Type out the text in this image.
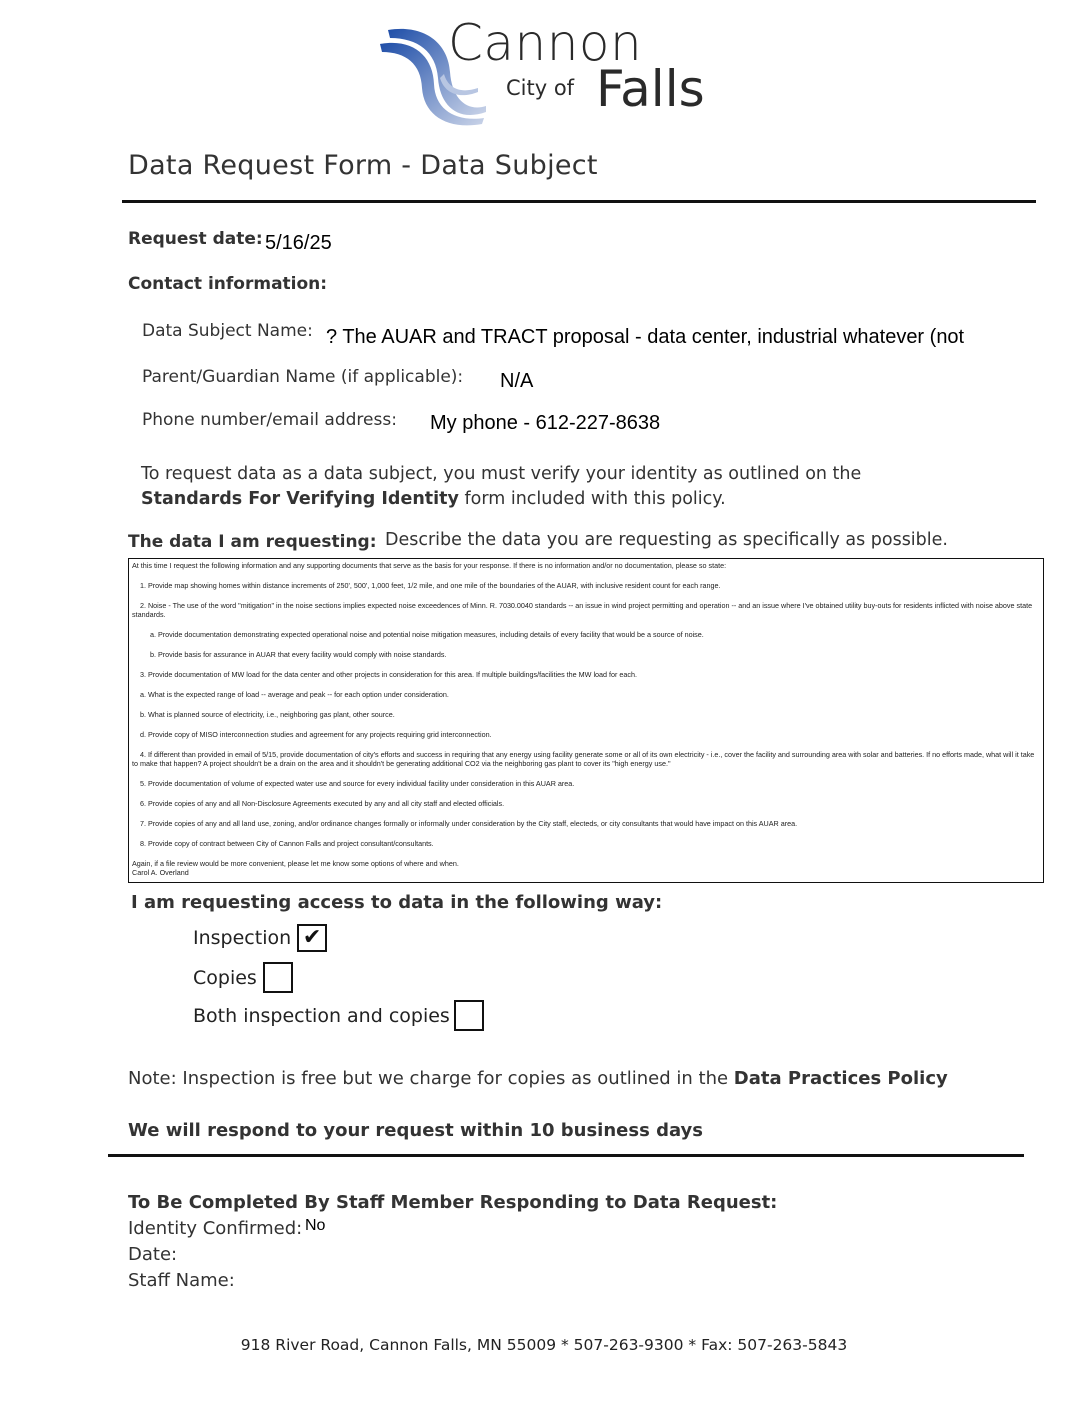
Cannon
City of Falls
Data Request Form - Data Subject
Request date: 5/16/25
Contact information:
Data Subject Name: ? The AUAR and TRACT proposal - data center, industrial whatever (not
Parent/Guardian Name (if applicable): N/A
Phone number/email address: My phone - 612-227-8638
To request data as a data subject, you must verify your identity as outlined on the
Standards For Verifying Identity form included with this policy.
The data I am requesting: Describe the data you are requesting as specifically as possible.

At this time I request the following information and any supporting documents that serve as the basis for your response. If there is no information and/or no documentation, please so state:

1. Provide map showing homes within distance increments of 250', 500', 1,000 feet, 1/2 mile, and one mile of the boundaries of the AUAR, with inclusive resident count for each range.

2. Noise - The use of the word "mitigation" in the noise sections implies expected noise exceedences of Minn. R. 7030.0040 standards -- an issue in wind project permitting and operation -- and an issue where I've obtained utility buy-outs for residents inflicted with noise above state standards.

a. Provide documentation demonstrating expected operational noise and potential noise mitigation measures, including details of every facility that would be a source of noise.

b. Provide basis for assurance in AUAR that every facility would comply with noise standards.

3. Provide documentation of MW load for the data center and other projects in consideration for this area. If multiple buildings/facilities the MW load for each.

a. What is the expected range of load -- average and peak -- for each option under consideration.

b. What is planned source of electricity, i.e., neighboring gas plant, other source.

d. Provide copy of MISO interconnection studies and agreement for any projects requiring grid interconnection.

4. If different than provided in email of 5/15, provide documentation of city's efforts and success in requiring that any energy using facility generate some or all of its own electricity - i.e., cover the facility and surrounding area with solar and batteries. If no efforts made, what will it take to make that happen? A project shouldn't be a drain on the area and it shouldn't be generating additional CO2 via the neighboring gas plant to cover its "high energy use."

5. Provide documentation of volume of expected water use and source for every individual facility under consideration in this AUAR area.

6. Provide copies of any and all Non-Disclosure Agreements executed by any and all city staff and elected officials.

7. Provide copies of any and all land use, zoning, and/or ordinance changes formally or informally under consideration by the City staff, electeds, or city consultants that would have impact on this AUAR area.

8. Provide copy of contract between City of Cannon Falls and project consultant/consultants.

Again, if a file review would be more convenient, please let me know some options of where and when.

Carol A. Overland

I am requesting access to data in the following way:
Inspection ✔
Copies
Both inspection and copies
Note: Inspection is free but we charge for copies as outlined in the Data Practices Policy
We will respond to your request within 10 business days
To Be Completed By Staff Member Responding to Data Request:
Identity Confirmed: No
Date:
Staff Name:
918 River Road, Cannon Falls, MN 55009 * 507-263-9300 * Fax: 507-263-5843
